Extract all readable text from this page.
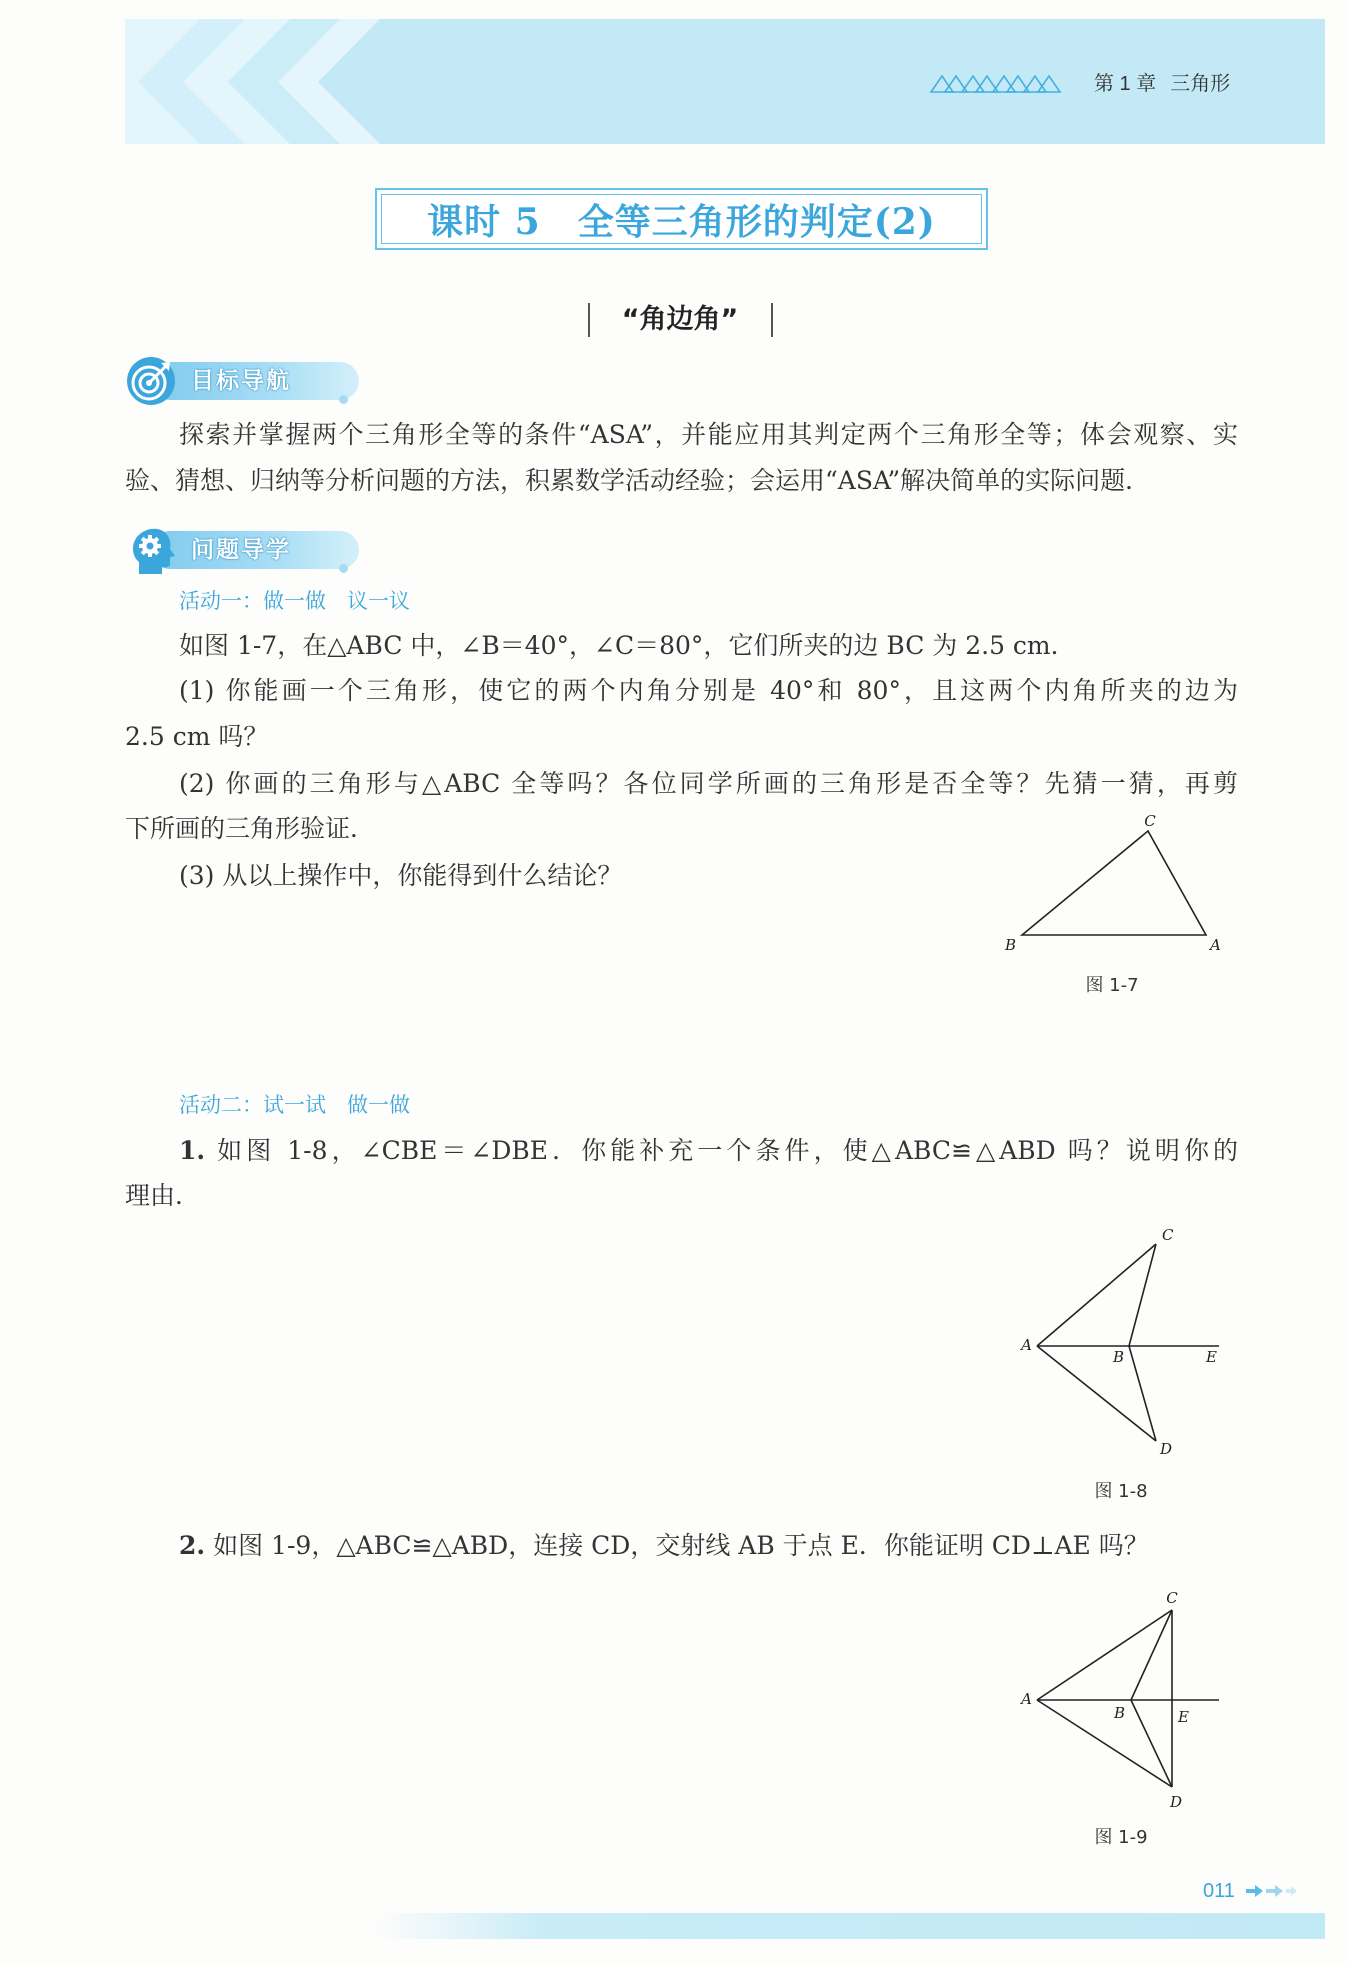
第 1 章 三角形
课时 5　全等三角形的判定(2)
“角边角”
目标导航
探索并掌握两个三角形全等的条件“ASA”，并能应用其判定两个三角形全等；体会观察、实
验、猜想、归纳等分析问题的方法，积累数学活动经验；会运用“ASA”解决简单的实际问题．
问题导学
活动一：做一做　议一议
如图 1-7，在△ABC 中，∠B＝40°，∠C＝80°，它们所夹的边 BC 为 2.5 cm．
(1) 你能画一个三角形，使它的两个内角分别是 40°和 80°，且这两个内角所夹的边为
2.5 cm 吗？
(2) 你画的三角形与△ABC 全等吗？各位同学所画的三角形是否全等？先猜一猜，再剪
下所画的三角形验证．
(3) 从以上操作中，你能得到什么结论？
活动二：试一试　做一做
1. 如图 1-8，∠CBE＝∠DBE．你能补充一个条件，使△ABC≌△ABD 吗？说明你的
理由．
2. 如图 1-9，△ABC≌△ABD，连接 CD，交射线 AB 于点 E．你能证明 CD⊥AE 吗？
C
B	A
图 1-7
C
A
B	E
D
图 1-8
C
A
B	E
D
图 1-9
011
